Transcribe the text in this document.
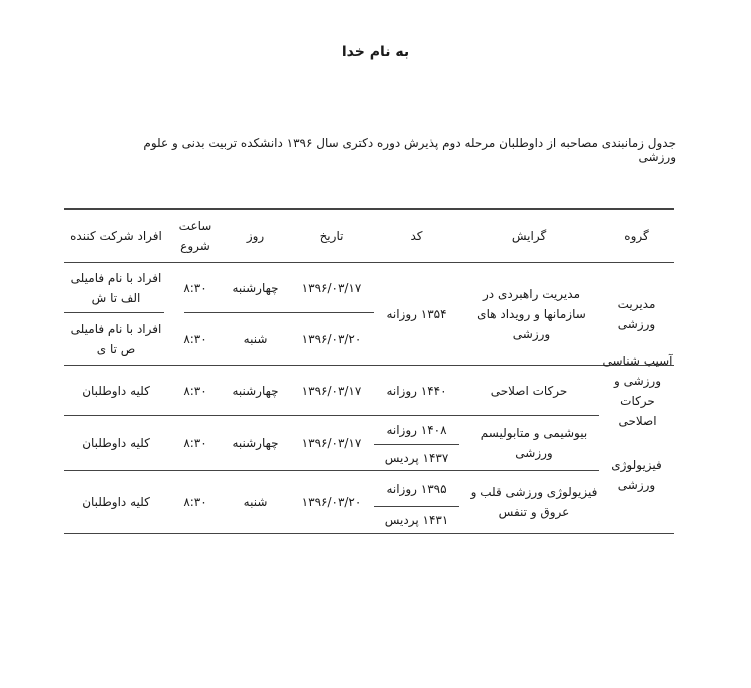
به نام خدا
جدول زمانبندی مصاحبه از داوطلبان مرحله دوم پذیرش دوره دکتری سال ۱۳۹۶ دانشکده تربیت بدنی و علوم ورزشی
گروه
گرایش
کد
تاریخ
روز
ساعت شروع
افراد شرکت کننده
مدیریت ورزشی
مدیریت راهبردی در سازمانها و رویداد های ورزشی
۱۳۵۴ روزانه
۱۳۹۶/۰۳/۱۷
چهارشنبه
۸:۳۰
افراد با نام فامیلی الف تا ش
۱۳۹۶/۰۳/۲۰
شنبه
۸:۳۰
افراد با نام فامیلی ص تا ی
آسیب شناسی ورزشی و حرکات اصلاحی
حرکات اصلاحی
۱۴۴۰ روزانه
۱۳۹۶/۰۳/۱۷
چهارشنبه
۸:۳۰
کلیه داوطلبان
فیزیولوژی ورزشی
بیوشیمی و متابولیسم ورزشی
۱۴۰۸ روزانه
۱۴۳۷ پردیس
۱۳۹۶/۰۳/۱۷
چهارشنبه
۸:۳۰
کلیه داوطلبان
فیزیولوژی ورزشی قلب و عروق و تنفس
۱۳۹۵ روزانه
۱۴۳۱ پردیس
۱۳۹۶/۰۳/۲۰
شنبه
۸:۳۰
کلیه داوطلبان
